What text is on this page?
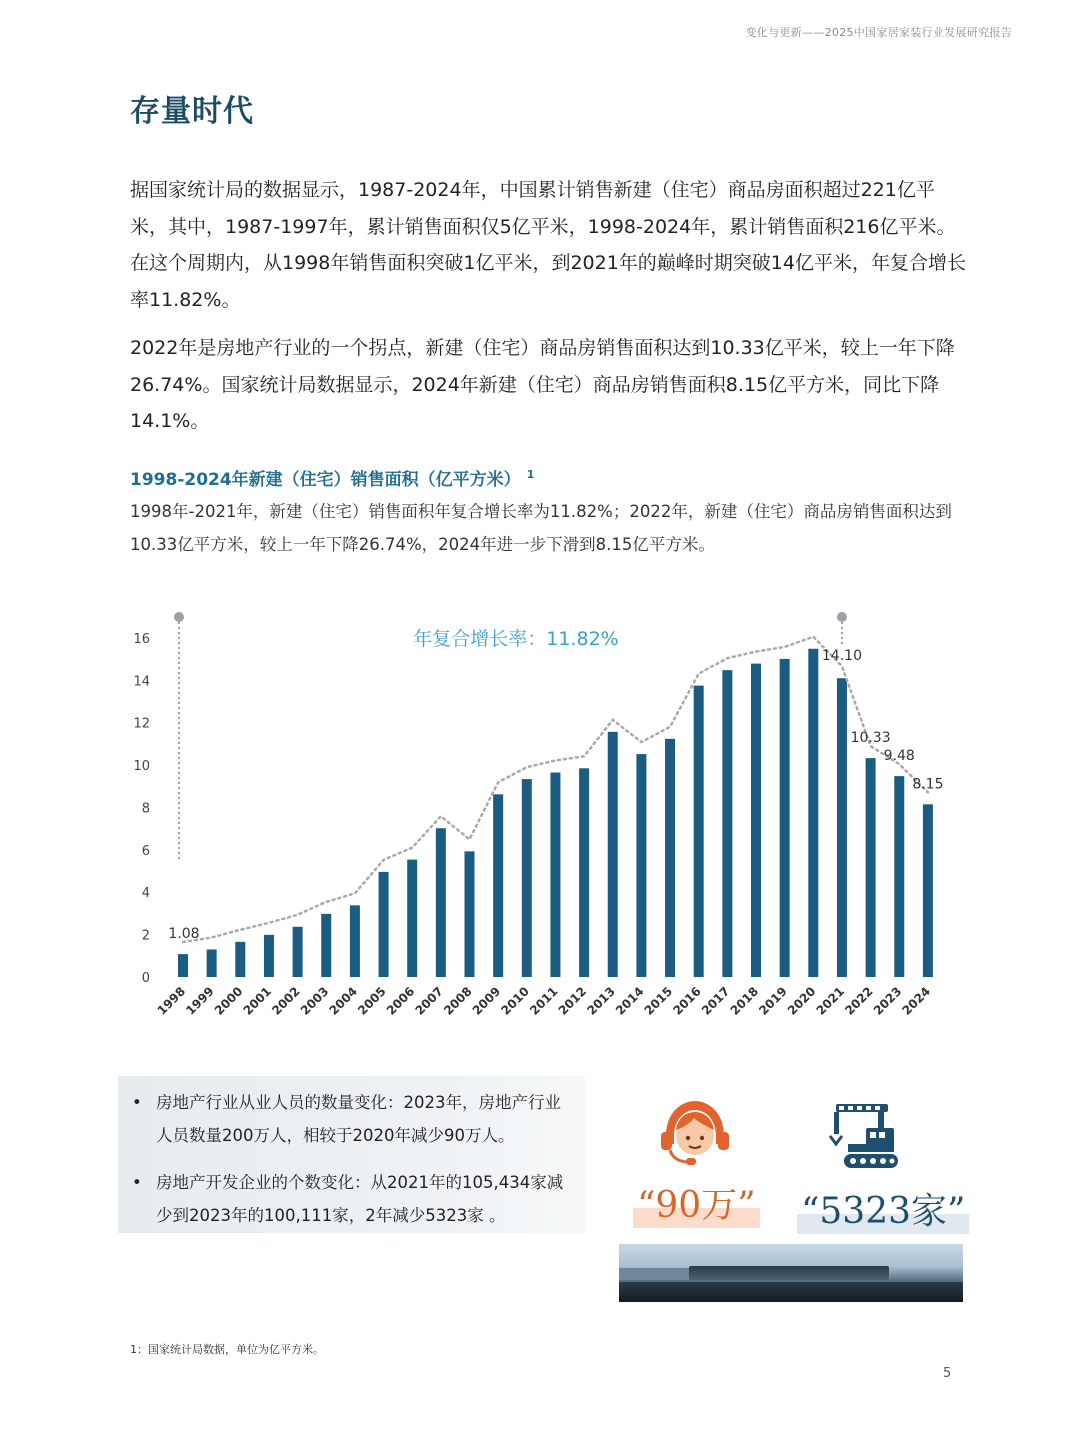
变化与更新——2025中国家居家装行业发展研究报告
存量时代

据国家统计局的数据显示，1987-2024年，中国累计销售新建（住宅）商品房面积超过221亿平米，其中，1987-1997年，累计销售面积仅5亿平米，1998-2024年，累计销售面积216亿平米。在这个周期内，从1998年销售面积突破1亿平米，到2021年的巅峰时期突破14亿平米，年复合增长率11.82%。

2022年是房地产行业的一个拐点，新建（住宅）商品房销售面积达到10.33亿平米，较上一年下降26.74%。国家统计局数据显示，2024年新建（住宅）商品房销售面积8.15亿平方米，同比下降14.1%。

1998-2024年新建（住宅）销售面积（亿平方米） $^1$

1998年-2021年，新建（住宅）销售面积年复合增长率为11.82%；2022年，新建（住宅）商品房销售面积达到10.33亿平方米，较上一年下降26.74%，2024年进一步下滑到8.15亿平方米。

0
2
4
6
8
10
12
14
16
1998
1999
2000
2001
2002
2003
2004
2005
2006
2007
2008
2009
2010
2011
2012
2013
2014
2015
2016
2017
2018
2019
2020
2021
2022
2023
2024
1.08
14.10
10.33
9.48
8.15
年复合增长率：11.82%
• 房地产行业从业人员的数量变化：2023年，房地产行业人员数量200万人，相较于2020年减少90万人。
• 房地产开发企业的个数变化：从2021年的105,434家减少到2023年的100,111家，2年减少5323家 。	“90万” “5323家”
1：国家统计局数据，单位为亿平方米。
5
